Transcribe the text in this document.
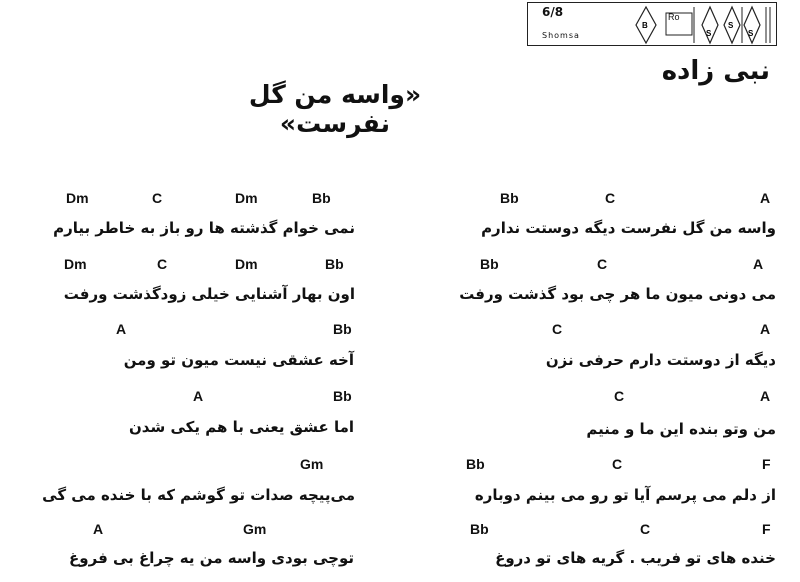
6/8
Shomsa
B
S
S
S
Ro
نبی زاده
«واسه من گل نفرست»
A
C
Bb
واسه من گل نفرست دیگه دوستت ندارم
Bb
Dm
C
Dm
نمی خوام گذشته ها رو باز به خاطر بیارم
A
C
Bb
می دونی میون ما هر چی بود گذشت ورفت
Bb
Dm
C
Dm
اون بهار آشنایی خیلی زودگذشت ورفت
A
C
دیگه از دوستت دارم حرفی نزن
Bb
A
آخه عشقی نیست میون تو ومن
A
C
من وتو بنده این ما و منیم
Bb
A
اما عشق یعنی با هم یکی شدن
F
C
Bb
از دلم می پرسم آیا تو رو می بینم دوباره
Gm
می‌پیچه صدات تو گوشم که با خنده می گی
F
C
Bb
خنده های تو فریب . گریه های تو دروغ
Gm
A
توچی بودی واسه من یه چراغ بی فروغ
